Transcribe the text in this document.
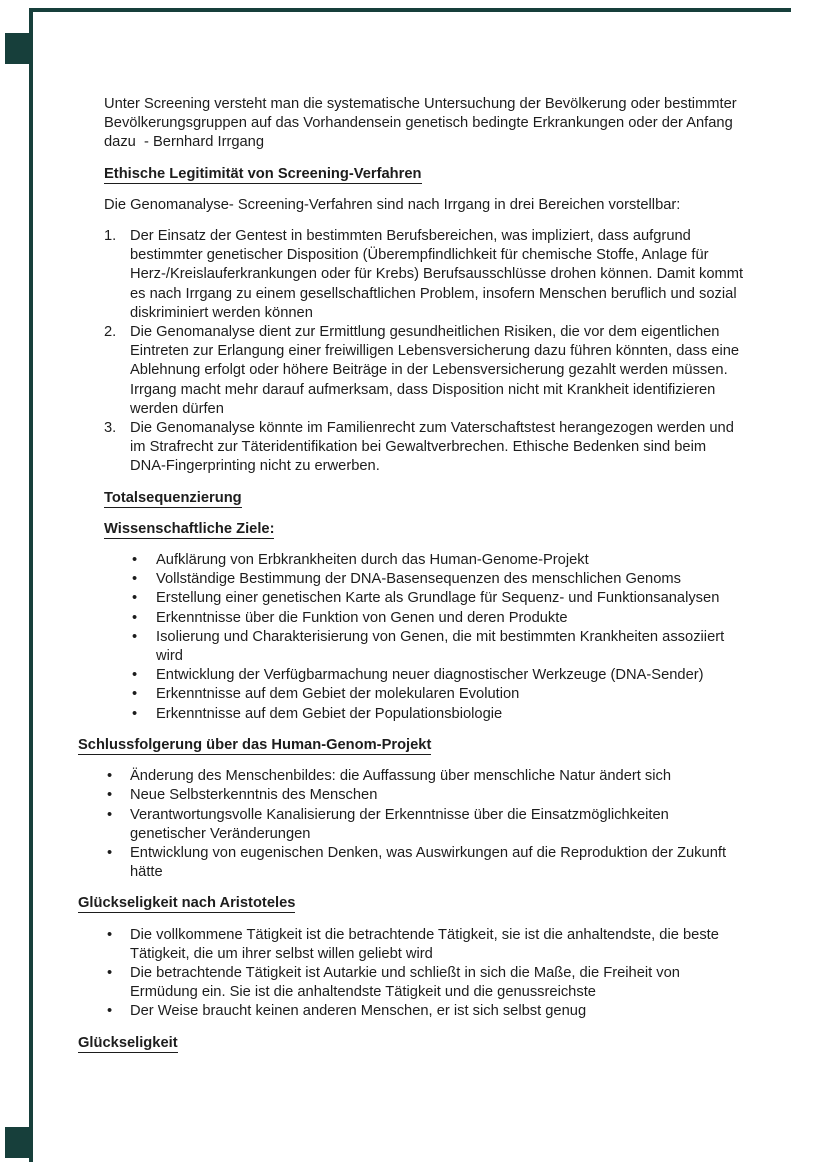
Unter Screening versteht man die systematische Untersuchung der Bevölkerung oder bestimmter Bevölkerungsgruppen auf das Vorhandensein genetisch bedingte Erkrankungen oder der Anfang dazu  - Bernhard Irrgang
Ethische Legitimität von Screening-Verfahren
Die Genomanalyse- Screening-Verfahren sind nach Irrgang in drei Bereichen vorstellbar:
1. Der Einsatz der Gentest in bestimmten Berufsbereichen, was impliziert, dass aufgrund bestimmter genetischer Disposition (Überempfindlichkeit für chemische Stoffe, Anlage für Herz-/Kreislauferkrankungen oder für Krebs) Berufsausschlüsse drohen können. Damit kommt es nach Irrgang zu einem gesellschaftlichen Problem, insofern Menschen beruflich und sozial diskriminiert werden können
2. Die Genomanalyse dient zur Ermittlung gesundheitlichen Risiken, die vor dem eigentlichen Eintreten zur Erlangung einer freiwilligen Lebensversicherung dazu führen könnten, dass eine Ablehnung erfolgt oder höhere Beiträge in der Lebensversicherung gezahlt werden müssen. Irrgang macht mehr darauf aufmerksam, dass Disposition nicht mit Krankheit identifizieren werden dürfen
3. Die Genomanalyse könnte im Familienrecht zum Vaterschaftstest herangezogen werden und im Strafrecht zur Täteridentifikation bei Gewaltverbrechen. Ethische Bedenken sind beim DNA-Fingerprinting nicht zu erwerben.
Totalsequenzierung
Wissenschaftliche Ziele:
• Aufklärung von Erbkrankheiten durch das Human-Genome-Projekt
• Vollständige Bestimmung der DNA-Basensequenzen des menschlichen Genoms
• Erstellung einer genetischen Karte als Grundlage für Sequenz- und Funktionsanalysen
• Erkenntnisse über die Funktion von Genen und deren Produkte
• Isolierung und Charakterisierung von Genen, die mit bestimmten Krankheiten assoziiert wird
• Entwicklung der Verfügbarmachung neuer diagnostischer Werkzeuge (DNA-Sender)
• Erkenntnisse auf dem Gebiet der molekularen Evolution
• Erkenntnisse auf dem Gebiet der Populationsbiologie
Schlussfolgerung über das Human-Genom-Projekt
• Änderung des Menschenbildes: die Auffassung über menschliche Natur ändert sich
• Neue Selbsterkenntnis des Menschen
• Verantwortungsvolle Kanalisierung der Erkenntnisse über die Einsatzmöglichkeiten genetischer Veränderungen
• Entwicklung von eugenischen Denken, was Auswirkungen auf die Reproduktion der Zukunft hätte
Glückseligkeit nach Aristoteles
• Die vollkommene Tätigkeit ist die betrachtende Tätigkeit, sie ist die anhaltendste, die beste Tätigkeit, die um ihrer selbst willen geliebt wird
• Die betrachtende Tätigkeit ist Autarkie und schließt in sich die Maße, die Freiheit von Ermüdung ein. Sie ist die anhaltendste Tätigkeit und die genussreichste
• Der Weise braucht keinen anderen Menschen, er ist sich selbst genug
Glückseligkeit
